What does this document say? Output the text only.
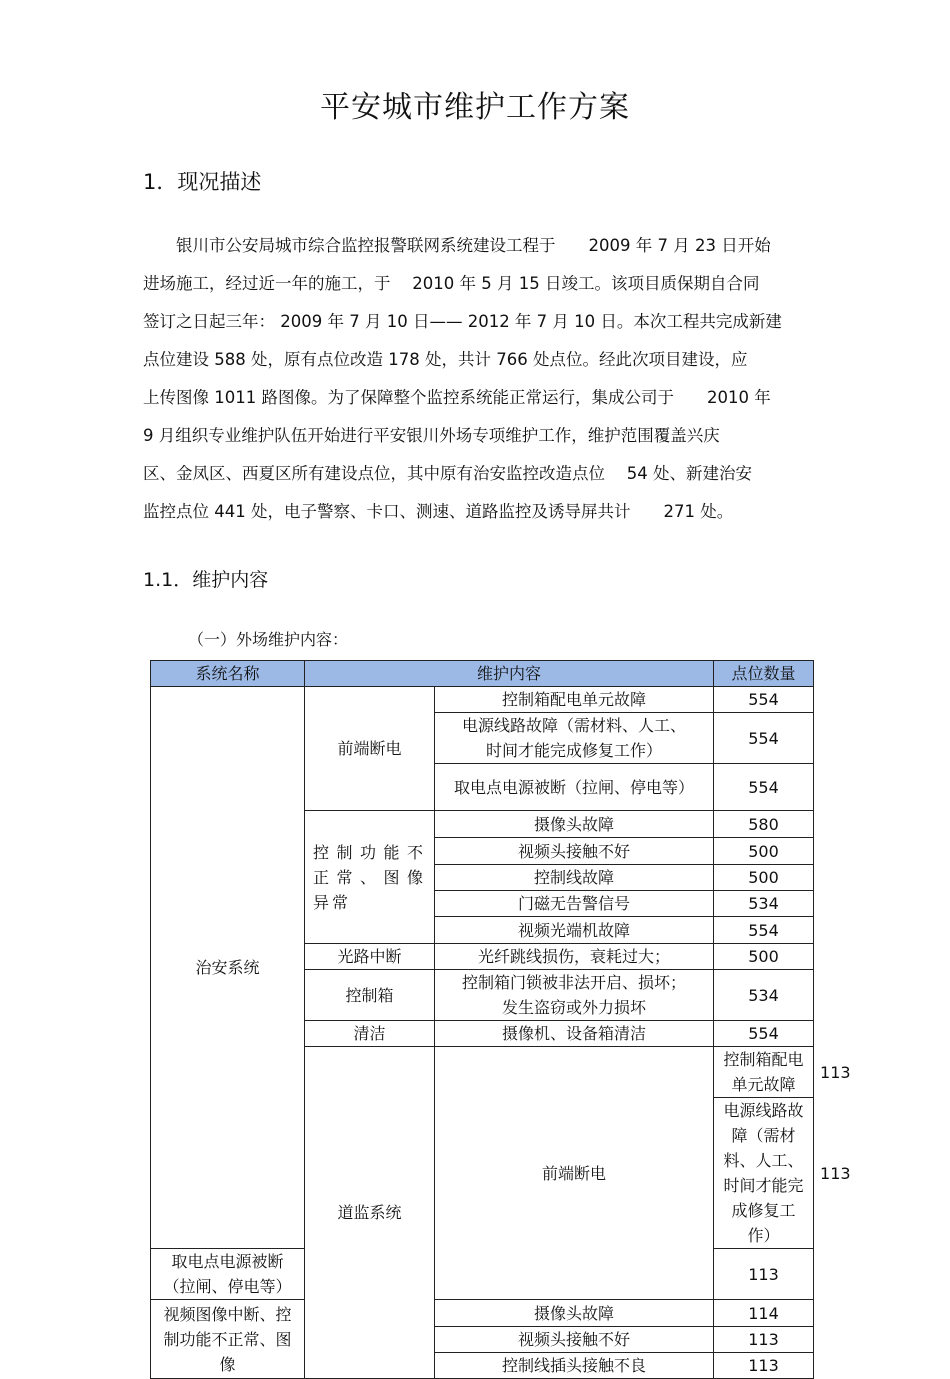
平安城市维护工作方案
1．现况描述
　　银川市公安局城市综合监控报警联网系统建设工程于　　2009 年 7 月 23 日开始
进场施工，经过近一年的施工，于　 2010 年 5 月 15 日竣工。该项目质保期自合同
签订之日起三年： 2009 年 7 月 10 日—— 2012 年 7 月 10 日。本次工程共完成新建
点位建设 588 处，原有点位改造 178 处，共计 766 处点位。经此次项目建设，应
上传图像 1011 路图像。为了保障整个监控系统能正常运行，集成公司于　　2010 年
9 月组织专业维护队伍开始进行平安银川外场专项维护工作，维护范围覆盖兴庆
区、金凤区、西夏区所有建设点位，其中原有治安监控改造点位　 54 处、新建治安
监控点位 441 处，电子警察、卡口、测速、道路监控及诱导屏共计　　271 处。
1.1．维护内容
（一）外场维护内容：
系统名称	维护内容		点位数量	
治安系统	前端断电	控制箱配电单元故障	554	

		电源线路故障（需材料、人工、
时间才能完成修复工作）	554	
		取电点电源被断（拉闸、停电等）	554	
	控制功能不正常、图像异常	摄像头故障	580	
		视频头接触不好	500	
		控制线故障	500	
		门磁无告警信号	534	
		视频光端机故障	554	
	光路中断	光纤跳线损伤，衰耗过大；	500	
	控制箱	控制箱门锁被非法开启、损坏；
发生盗窃或外力损坏	534	
	清洁	摄像机、设备箱清洁	554	
	道监系统	前端断电	控制箱配电单元故障	113

			电源线路故障（需材料、人工、
时间才能完成修复工作）	113
取电点电源被断（拉闸、停电等）			113	
视频图像中断、控制功能不正常、图像		摄像头故障	114	
		视频头接触不好	113	
		控制线插头接触不良	113	
